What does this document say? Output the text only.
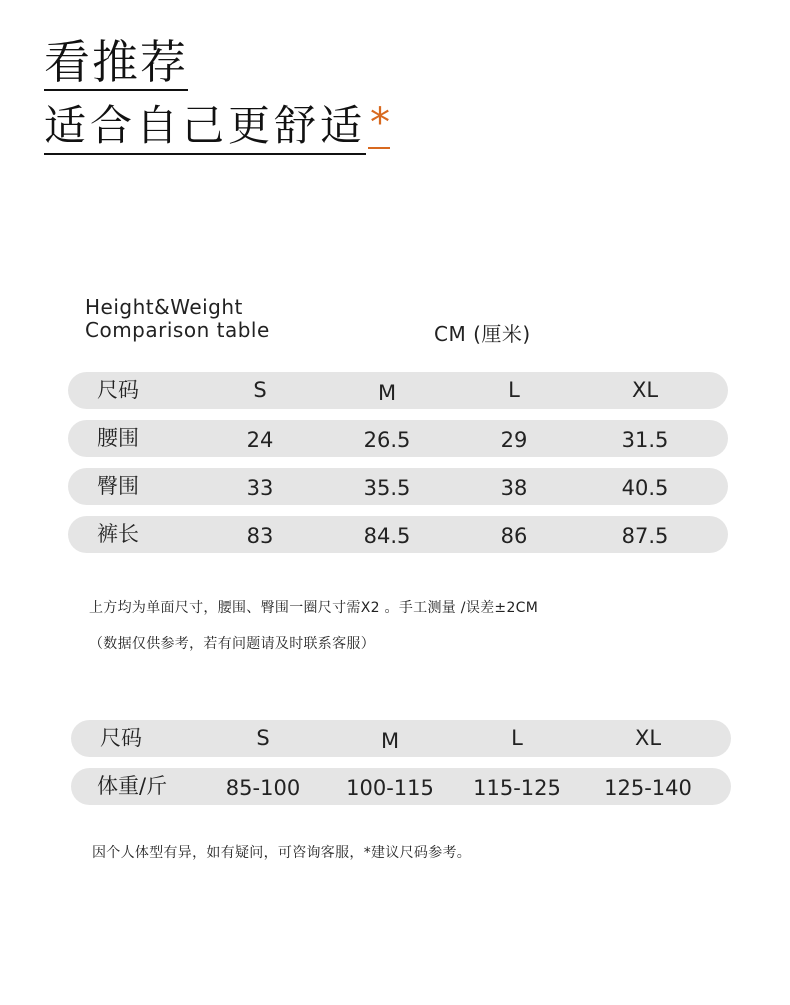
看推荐
适合自己更舒适 *
Height&Weight
Comparison table	CM (厘米)
尺码	S	M	L	XL
腰围	24	26.5	29	31.5
臀围	33	35.5	38	40.5
裤长	83	84.5	86	87.5
上方均为单面尺寸，腰围、臀围一圈尺寸需X2 。手工测量 /误差±2CM
（数据仅供参考，若有问题请及时联系客服）
尺码	S	M	L	XL
体重/斤	85-100 100-115 115-125 125-140
因个人体型有异，如有疑问，可咨询客服，*建议尺码参考。
